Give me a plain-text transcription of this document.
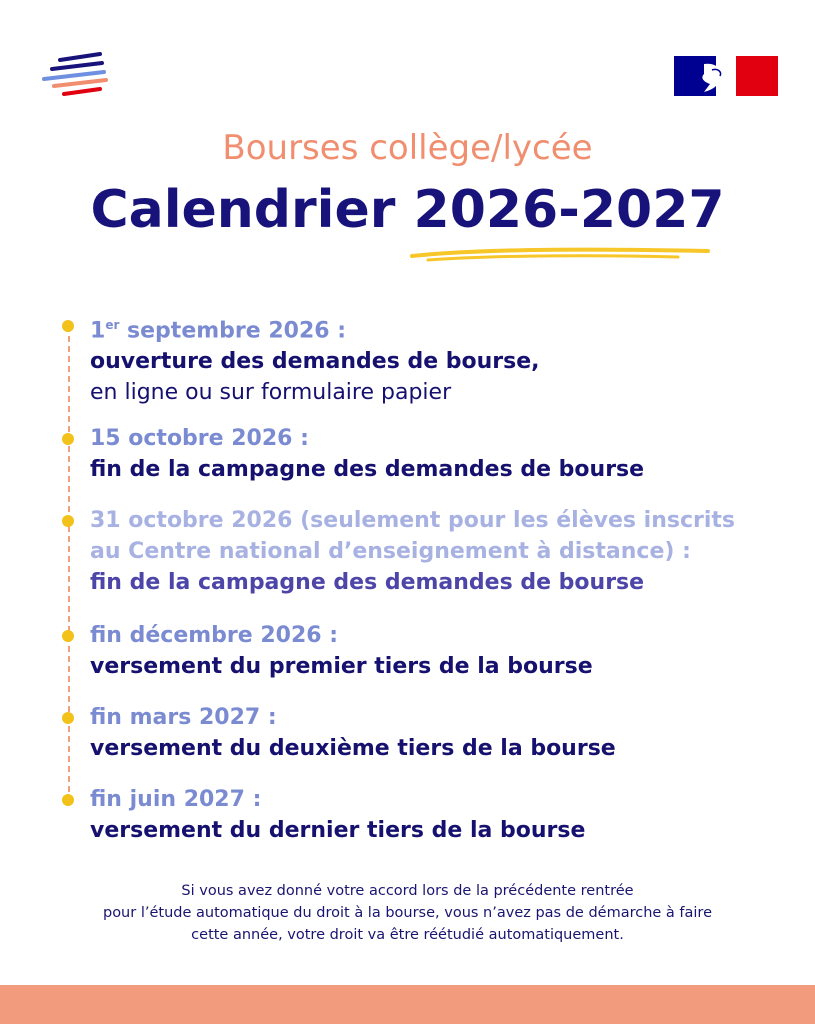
Bourses collège/lycée
Calendrier 2026-2027
1er septembre 2026 :
ouverture des demandes de bourse,
en ligne ou sur formulaire papier
15 octobre 2026 :
fin de la campagne des demandes de bourse
31 octobre 2026 (seulement pour les élèves inscrits
au Centre national d’enseignement à distance) :
fin de la campagne des demandes de bourse
fin décembre 2026 :
versement du premier tiers de la bourse
fin mars 2027 :
versement du deuxième tiers de la bourse
fin juin 2027 :
versement du dernier tiers de la bourse
Si vous avez donné votre accord lors de la précédente rentrée
pour l’étude automatique du droit à la bourse, vous n’avez pas de démarche à faire
cette année, votre droit va être réétudié automatiquement.
